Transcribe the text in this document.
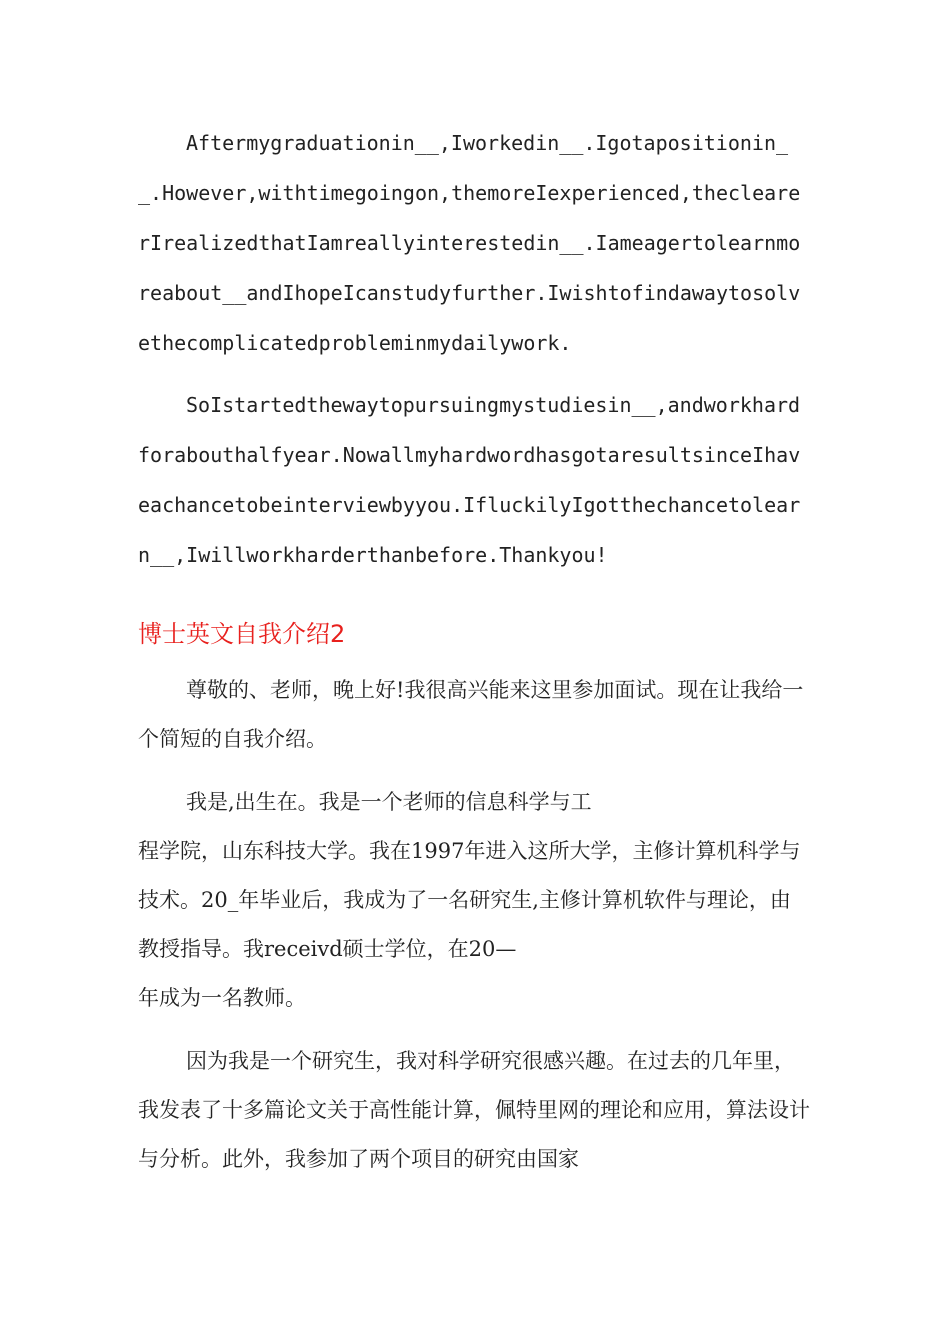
Aftermygraduationin__,Iworkedin__.Igotapositionin__.However,withtimegoingon,themoreIexperienced,theclearerIrealizedthatIamreallyinterestedin__.Iameagertolearnmoreabout__andIhopeIcanstudyfurther.Iwishtofindawaytosolvethecomplicatedprobleminmydailywork.

SoIstartedthewaytopursuingmystudiesin__,andworkhardforabouthalfyear.NowallmyhardwordhasgotaresultsinceIhaveachancetobeinterviewbyyou.IfluckilyIgotthechancetolearn__,Iwillworkharderthanbefore.Thankyou!

博士英文自我介绍2

尊敬的、老师，晚上好!我很高兴能来这里参加面试。现在让我给一个简短的自我介绍。

我是,出生在。我是一个老师的信息科学与工
程学院，山东科技大学。我在1997年进入这所大学，主修计算机科学与技术。20_年毕业后，我成为了一名研究生,主修计算机软件与理论，由教授指导。我receivd硕士学位，在20—
年成为一名教师。

因为我是一个研究生，我对科学研究很感兴趣。在过去的几年里，我发表了十多篇论文关于高性能计算，佩特里网的理论和应用，算法设计与分析。此外，我参加了两个项目的研究由国家
